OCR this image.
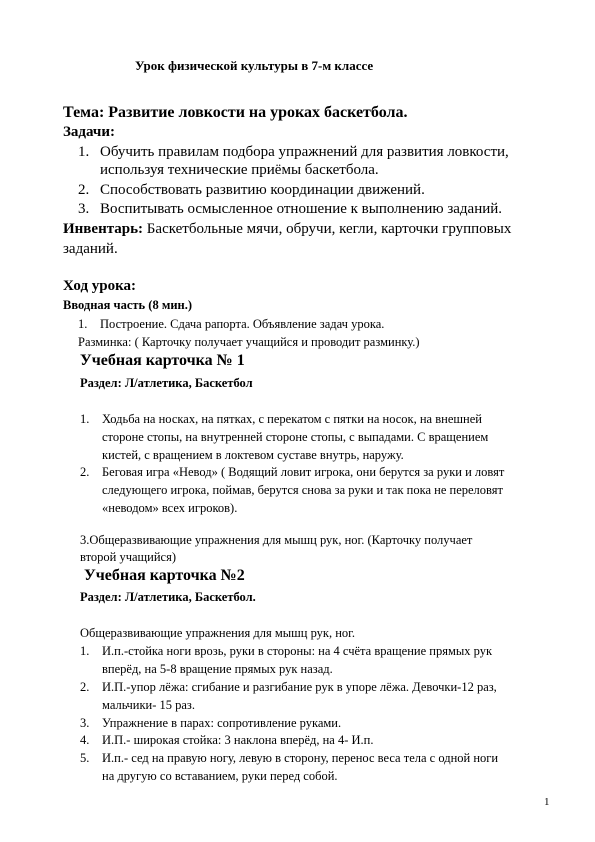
Урок физической культуры в 7-м классе
Тема: Развитие ловкости на уроках баскетбола.
Задачи:
1. Обучить правилам подбора упражнений для развития ловкости,
используя технические приёмы баскетбола.
2. Способствовать развитию координации движений.
3. Воспитывать осмысленное отношение к выполнению заданий.
Инвентарь: Баскетбольные мячи, обручи, кегли, карточки групповых
заданий.
Ход урока:
Вводная часть (8 мин.)
1. Построение. Сдача рапорта. Объявление задач урока.
Разминка: ( Карточку получает учащийся и проводит разминку.)
Учебная карточка № 1
Раздел: Л/атлетика, Баскетбол
1. Ходьба на носках, на пятках, с перекатом с пятки на носок, на внешней
стороне стопы, на внутренней стороне стопы, с выпадами. С вращением
кистей, с вращением в локтевом суставе внутрь, наружу.
2. Беговая игра «Невод» ( Водящий ловит игрока, они берутся за руки и ловят
следующего игрока, поймав, берутся снова за руки и так пока не переловят
«неводом» всех игроков).
3.Общеразвивающие упражнения для мышц рук, ног. (Карточку получает
второй учащийся)
Учебная карточка №2
Раздел: Л/атлетика, Баскетбол.
Общеразвивающие упражнения для мышц рук, ног.
1. И.п.-стойка ноги врозь, руки в стороны: на 4 счёта вращение прямых рук
вперёд, на 5-8 вращение прямых рук назад.
2. И.П.-упор лёжа: сгибание и разгибание рук в упоре лёжа. Девочки-12 раз,
мальчики- 15 раз.
3. Упражнение в парах: сопротивление руками.
4. И.П.- широкая стойка: 3 наклона вперёд, на 4- И.п.
5. И.п.- сед на правую ногу, левую в сторону, перенос веса тела с одной ноги
на другую со вставанием, руки перед собой.
1
